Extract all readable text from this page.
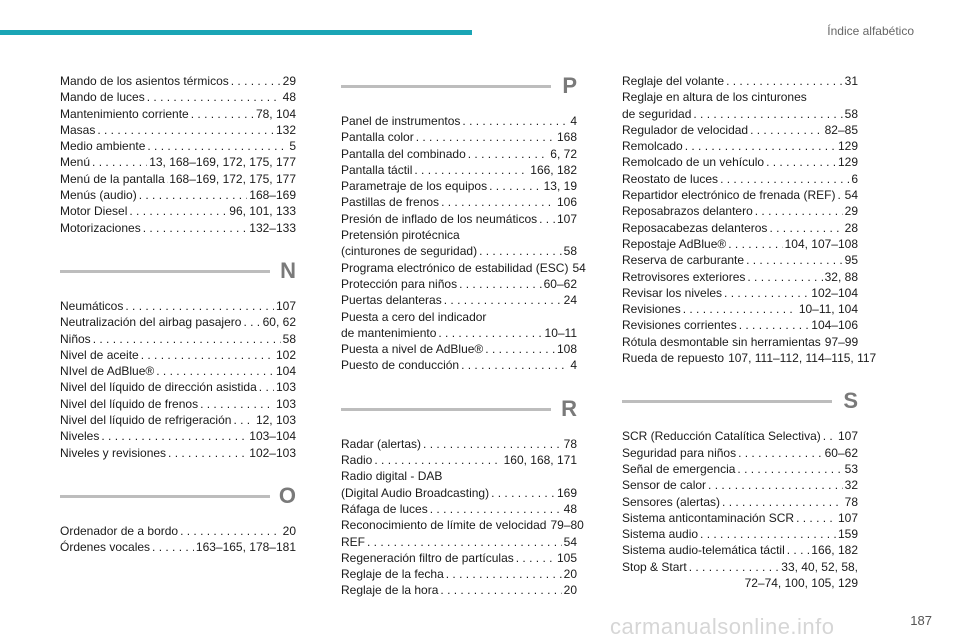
Índice alfabético
Mando de los asientos térmicos . . .	29
Mando de luces . . .	48
Mantenimiento corriente . . .	78, 104
Masas . . .	132
Medio ambiente . . .	5
Menú . . .	13, 168–169, 172, 175, 177
Menú de la pantalla . . . 168–169, 172, 175, 177
Menús (audio) . . .	168–169
Motor Diesel . . .	96, 101, 133
Motorizaciones . . .	132–133
N
Neumáticos . . .	107
Neutralización del airbag pasajero . . . 60, 62
Niños . . .	58
Nivel de aceite . . .	102
NIvel de AdBlue® . . .	104
Nivel del líquido de dirección asistida . . . 103
Nivel del líquido de frenos . . .	103
Nivel del líquido de refrigeración . . . 12, 103
Niveles . . .	103–104
Niveles y revisiones . . .	102–103
O
Ordenador de a bordo . . .	20
Órdenes vocales . . .	163–165, 178–181
P
Panel de instrumentos . . .	4
Pantalla color . . .	168
Pantalla del combinado . . .	6, 72
Pantalla táctil . . .	166, 182
Parametraje de los equipos . . .	13, 19
Pastillas de frenos . . .	106
Presión de inflado de los neumáticos . . . 107
Pretensión pirotécnica
(cinturones de seguridad) . . .	58
Programa electrónico de estabilidad (ESC) 54
Protección para niños . . .	60–62
Puertas delanteras . . .	24
Puesta a cero del indicador
de mantenimiento . . .	10–11
Puesta a nivel de AdBlue® . . .	108
Puesto de conducción . . .	4
R
Radar (alertas) . . .	78
Radio . . .	160, 168, 171
Radio digital - DAB
(Digital Audio Broadcasting) . . .	169
Ráfaga de luces . . .	48
Reconocimiento de límite de velocidad 79–80
REF . . .	54
Regeneración filtro de partículas . . .	105
Reglaje de la fecha . . .	20
Reglaje de la hora . . .	20
Reglaje del volante . . .	31
Reglaje en altura de los cinturones
de seguridad . . .	58
Regulador de velocidad . . .	82–85
Remolcado . . .	129
Remolcado de un vehículo . . .	129
Reostato de luces . . .	6
Repartidor electrónico de frenada (REF) . . . 54
Reposabrazos delantero . . .	29
Reposacabezas delanteros . . .	28
Repostaje AdBlue® . . .	104, 107–108
Reserva de carburante . . .	95
Retrovisores exteriores . . .	32, 88
Revisar los niveles . . .	102–104
Revisiones . . .	10–11, 104
Revisiones corrientes . . .	104–106
Rótula desmontable sin herramientas 97–99
Rueda de repuesto 107, 111–112, 114–115, 117
S
SCR (Reducción Catalítica Selectiva) . . . 107
Seguridad para niños . . .	60–62
Señal de emergencia . . .	53
Sensor de calor . . .	32
Sensores (alertas) . . .	78
Sistema anticontaminación SCR . . .	107
Sistema audio . . .	159
Sistema audio-telemática táctil . . . 166, 182
Stop & Start . . .	33, 40, 52, 58,
72–74, 100, 105, 129
carmanualsonline.info	187
